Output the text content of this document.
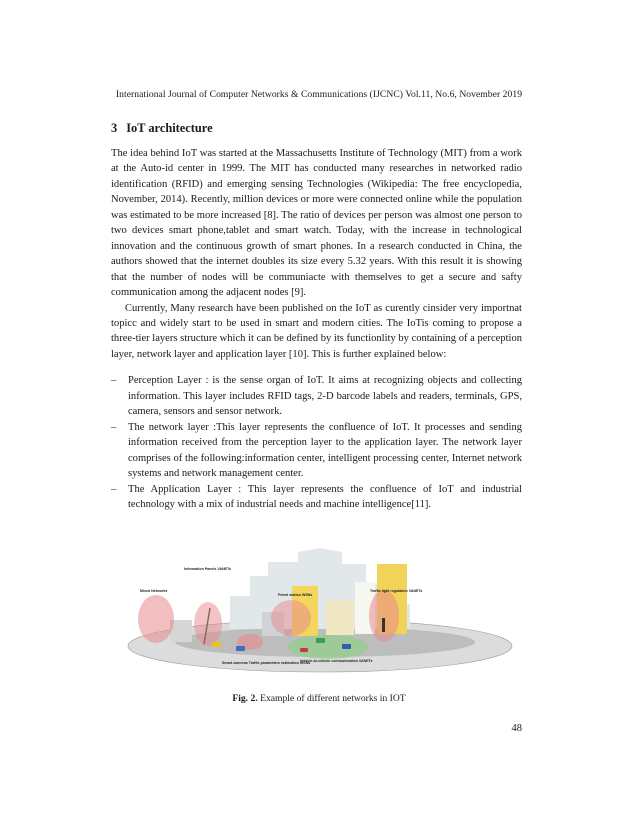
International Journal of Computer Networks & Communications (IJCNC) Vol.11, No.6, November 2019
3 IoT architecture

The idea behind IoT was started at the Massachusetts Institute of Technology (MIT) from a work at the Auto-id center in 1999. The MIT has conducted many researches in networked radio identification (RFID) and emerging sensing Technologies (Wikipedia: The free encyclopedia, November, 2014). Recently, million devices or more were connected online while the population was estimated to be more increased [8]. The ratio of devices per person was almost one person to two devices smart phone,tablet and smart watch. Today, with the increase in technological innovation and the continuous growth of smart phones. In a research conducted in China, the authors showed that the internet doubles its size every 5.32 years. With this result it is showing that the number of nodes will be communiacte with themselves to get a secure and safty communication among the adjacent nodes [9].

Currently, Many research have been published on the IoT as curently cinsider very importnat topicc and widely start to be used in smart and modern cities. The IoTis coming to propose a three-tier layers structure which it can be defined by its functionlity by containing of a perception layer, network layer and application layer [10]. This is further explained below:

– Perception Layer : is the sense organ of IoT. It aims at recognizing objects and collecting information. This layer includes RFID tags, 2-D barcode labels and readers, terminals, GPS, camera, sensors and sensor network.
– The network layer :This layer represents the confluence of IoT. It processes and sending information received from the perception layer to the application layer. The network layer comprises of the following:information center, intelligent processing center, Internet network systems and network management center.
– The Application Layer : This layer represents the confluence of IoT and industrial technology with a mix of industrial needs and machine intelligence[11].
Mixed Networks
Information Panels VANETs
Petrol station WSNs
Traffic light regulation VANETs
Smart cameras Traffic parameters estimation WSNs
Vehicle-to-vehicle communication VANETs
Fig. 2. Example of different networks in IOT
48
